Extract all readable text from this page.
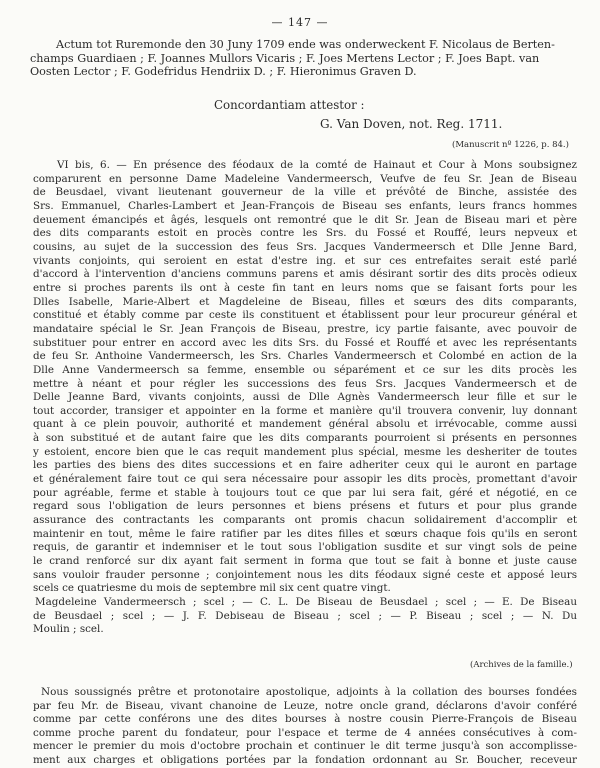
— 147 —
Actum tot Ruremonde den 30 Juny 1709 ende was onderweckent F. Nicolaus de Berten-
champs Guardiaen ; F. Joannes Mullors Vicaris ; F. Joes Mertens Lector ; F. Joes Bapt. van
Oosten Lector ; F. Godefridus Hendriix D. ; F. Hieronimus Graven D.
Concordantiam attestor :
G. Van Doven, not. Reg. 1711.
(Manuscrit nº 1226, p. 84.)
VI bis, 6. — En présence des féodaux de la comté de Hainaut et Cour à Mons soubsignez
comparurent en personne Dame Madeleine Vandermeersch, Veufve de feu Sr. Jean de Biseau
de Beusdael, vivant lieutenant gouverneur de la ville et prévôté de Binche, assistée des
Srs. Emmanuel, Charles-Lambert et Jean-François de Biseau ses enfants, leurs francs hommes
deuement émancipés et âgés, lesquels ont remontré que le dit Sr. Jean de Biseau mari et père
des dits comparants estoit en procès contre les Srs. du Fossé et Rouffé, leurs nepveux et
cousins, au sujet de la succession des feus Srs. Jacques Vandermeersch et Dlle Jenne Bard,
vivants conjoints, qui seroient en estat d'estre ing. et sur ces entrefaites serait esté parlé
d'accord à l'intervention d'anciens communs parens et amis désirant sortir des dits procès odieux
entre si proches parents ils ont à ceste fin tant en leurs noms que se faisant forts pour les
Dlles Isabelle, Marie-Albert et Magdeleine de Biseau, filles et sœurs des dits comparants,
constitué et étably comme par ceste ils constituent et établissent pour leur procureur général et
mandataire spécial le Sr. Jean François de Biseau, prestre, icy partie faisante, avec pouvoir de
substituer pour entrer en accord avec les dits Srs. du Fossé et Rouffé et avec les représentants
de feu Sr. Anthoine Vandermeersch, les Srs. Charles Vandermeersch et Colombé en action de la
Dlle Anne Vandermeersch sa femme, ensemble ou séparément et ce sur les dits procès les
mettre à néant et pour régler les successions des feus Srs. Jacques Vandermeersch et de
Delle Jeanne Bard, vivants conjoints, aussi de Dlle Agnès Vandermeersch leur fille et sur le
tout accorder, transiger et appointer en la forme et manière qu'il trouvera convenir, luy donnant
quant à ce plein pouvoir, authorité et mandement général absolu et irrévocable, comme aussi
à son substitué et de autant faire que les dits comparants pourroient si présents en personnes
y estoient, encore bien que le cas requit mandement plus spécial, mesme les desheriter de toutes
les parties des biens des dites successions et en faire adheriter ceux qui le auront en partage
et généralement faire tout ce qui sera nécessaire pour assopir les dits procès, promettant d'avoir
pour agréable, ferme et stable à toujours tout ce que par lui sera fait, géré et négotié, en ce
regard sous l'obligation de leurs personnes et biens présens et futurs et pour plus grande
assurance des contractants les comparants ont promis chacun solidairement d'accomplir et
maintenir en tout, même le faire ratifier par les dites filles et sœurs chaque fois qu'ils en seront
requis, de garantir et indemniser et le tout sous l'obligation susdite et sur vingt sols de peine
le crand renforcé sur dix ayant fait serment in forma que tout se fait à bonne et juste cause
sans vouloir frauder personne ; conjointement nous les dits féodaux signé ceste et apposé leurs
scels ce quatriesme du mois de septembre mil six cent quatre vingt.
Magdeleine Vandermeersch ; scel ; — C. L. De Biseau de Beusdael ; scel ; — E. De Biseau
de Beusdael ; scel ; — J. F. Debiseau de Biseau ; scel ; — P. Biseau ; scel ; — N. Du
Moulin ; scel.
(Archives de la famille.)
Nous soussignés prêtre et protonotaire apostolique, adjoints à la collation des bourses fondées
par feu Mr. de Biseau, vivant chanoine de Leuze, notre oncle grand, déclarons d'avoir conféré
comme par cette conférons une des dites bourses à nostre cousin Pierre-François de Biseau
comme proche parent du fondateur, pour l'espace et terme de 4 années consécutives à com-
mencer le premier du mois d'octobre prochain et continuer le dit terme jusqu'à son accomplisse-
ment aux charges et obligations portées par la fondation ordonnant au Sr. Boucher, receveur
